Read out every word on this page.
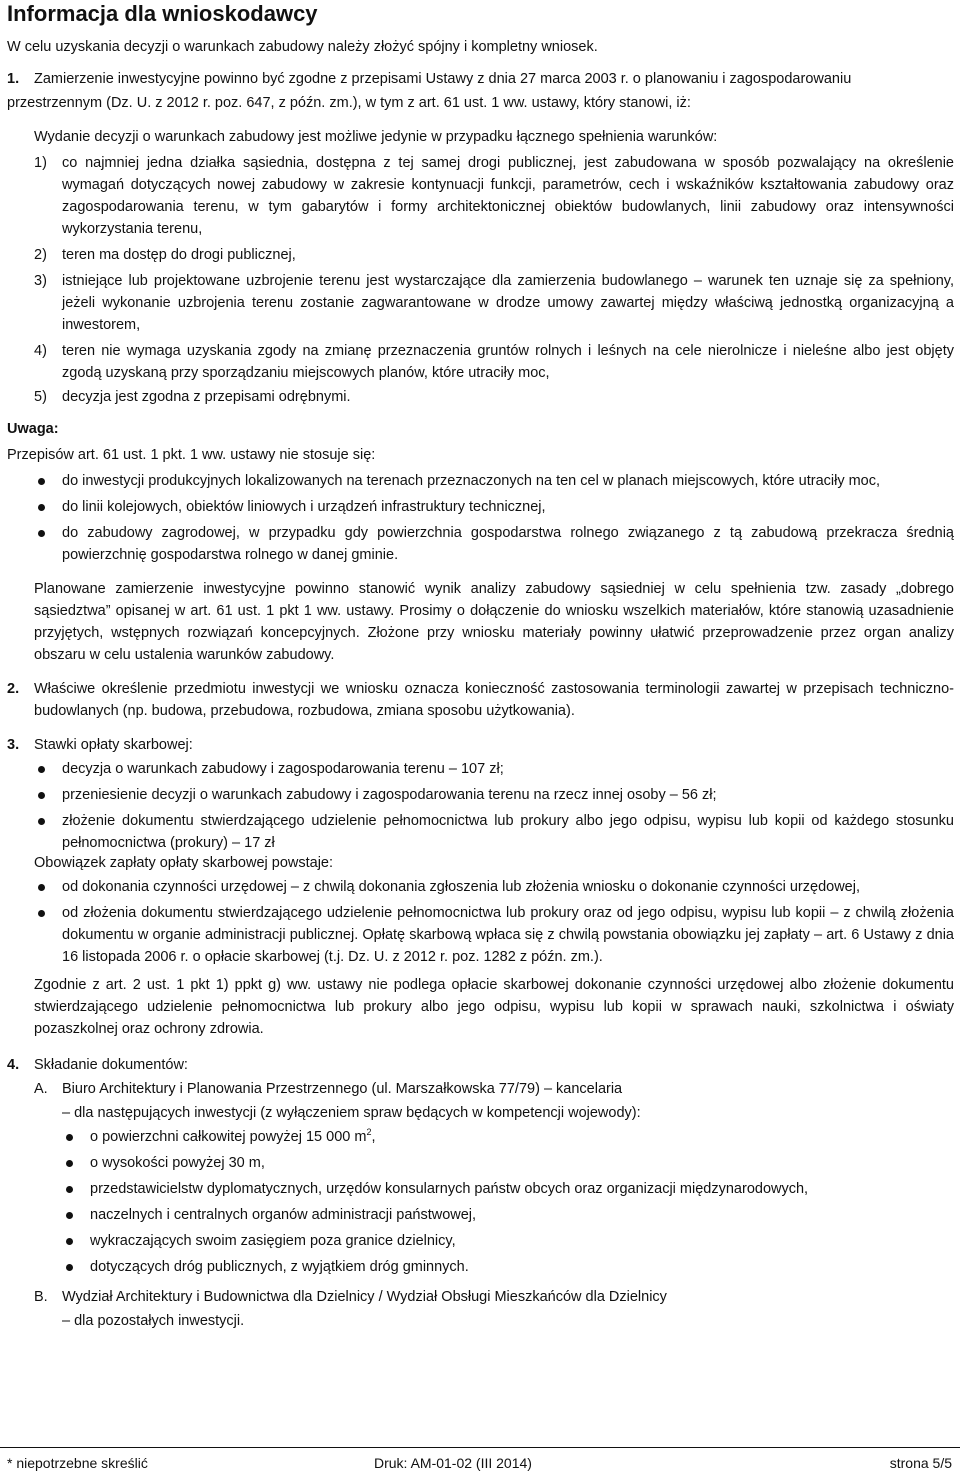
Informacja dla wnioskodawcy
W celu uzyskania decyzji o warunkach zabudowy należy złożyć spójny i kompletny wniosek.
1. Zamierzenie inwestycyjne powinno być zgodne z przepisami Ustawy z dnia 27 marca 2003 r. o planowaniu i zagospodarowaniu
przestrzennym (Dz. U. z 2012 r. poz. 647, z późn. zm.), w tym z art. 61 ust. 1 ww. ustawy, który stanowi, iż:
Wydanie decyzji o warunkach zabudowy jest możliwe jedynie w przypadku łącznego spełnienia warunków:
1) co najmniej jedna działka sąsiednia, dostępna z tej samej drogi publicznej, jest zabudowana w sposób pozwalający na określenie wymagań dotyczących nowej zabudowy w zakresie kontynuacji funkcji, parametrów, cech i wskaźników kształtowania zabudowy oraz zagospodarowania terenu, w tym gabarytów i formy architektonicznej obiektów budowlanych, linii zabudowy oraz intensywności wykorzystania terenu,
2) teren ma dostęp do drogi publicznej,
3) istniejące lub projektowane uzbrojenie terenu jest wystarczające dla zamierzenia budowlanego – warunek ten uznaje się za spełniony, jeżeli wykonanie uzbrojenia terenu zostanie zagwarantowane w drodze umowy zawartej między właściwą jednostką organizacyjną a inwestorem,
4) teren nie wymaga uzyskania zgody na zmianę przeznaczenia gruntów rolnych i leśnych na cele nierolnicze i nieleśne albo jest objęty zgodą uzyskaną przy sporządzaniu miejscowych planów, które utraciły moc,
5) decyzja jest zgodna z przepisami odrębnymi.
Uwaga:
Przepisów art. 61 ust. 1 pkt. 1 ww. ustawy nie stosuje się:
do inwestycji produkcyjnych lokalizowanych na terenach przeznaczonych na ten cel w planach miejscowych, które utraciły moc,
do linii kolejowych, obiektów liniowych i urządzeń infrastruktury technicznej,
do zabudowy zagrodowej, w przypadku gdy powierzchnia gospodarstwa rolnego związanego z tą zabudową przekracza średnią powierzchnię gospodarstwa rolnego w danej gminie.
Planowane zamierzenie inwestycyjne powinno stanowić wynik analizy zabudowy sąsiedniej w celu spełnienia tzw. zasady „dobrego sąsiedztwa” opisanej w art. 61 ust. 1 pkt 1 ww. ustawy. Prosimy o dołączenie do wniosku wszelkich materiałów, które stanowią uzasadnienie przyjętych, wstępnych rozwiązań koncepcyjnych. Złożone przy wniosku materiały powinny ułatwić przeprowadzenie przez organ analizy obszaru w celu ustalenia warunków zabudowy.
2. Właściwe określenie przedmiotu inwestycji we wniosku oznacza konieczność zastosowania terminologii zawartej w przepisach techniczno-budowlanych (np. budowa, przebudowa, rozbudowa, zmiana sposobu użytkowania).
3. Stawki opłaty skarbowej:
decyzja o warunkach zabudowy i zagospodarowania terenu – 107 zł;
przeniesienie decyzji o warunkach zabudowy i zagospodarowania terenu na rzecz innej osoby – 56 zł;
złożenie dokumentu stwierdzającego udzielenie pełnomocnictwa lub prokury albo jego odpisu, wypisu lub kopii od każdego stosunku pełnomocnictwa (prokury) – 17 zł
Obowiązek zapłaty opłaty skarbowej powstaje:
od dokonania czynności urzędowej – z chwilą dokonania zgłoszenia lub złożenia wniosku o dokonanie czynności urzędowej,
od złożenia dokumentu stwierdzającego udzielenie pełnomocnictwa lub prokury oraz od jego odpisu, wypisu lub kopii – z chwilą złożenia dokumentu w organie administracji publicznej. Opłatę skarbową wpłaca się z chwilą powstania obowiązku jej zapłaty – art. 6 Ustawy z dnia 16 listopada 2006 r. o opłacie skarbowej (t.j. Dz. U. z 2012 r. poz. 1282 z późn. zm.).
Zgodnie z art. 2 ust. 1 pkt 1) ppkt g) ww. ustawy nie podlega opłacie skarbowej dokonanie czynności urzędowej albo złożenie dokumentu stwierdzającego udzielenie pełnomocnictwa lub prokury albo jego odpisu, wypisu lub kopii w sprawach nauki, szkolnictwa i oświaty pozaszkolnej oraz ochrony zdrowia.
4. Składanie dokumentów:
A. Biuro Architektury i Planowania Przestrzennego (ul. Marszałkowska 77/79) – kancelaria
– dla następujących inwestycji (z wyłączeniem spraw będących w kompetencji wojewody):
o powierzchni całkowitej powyżej 15 000 $m^2$,
o wysokości powyżej 30 m,
przedstawicielstw dyplomatycznych, urzędów konsularnych państw obcych oraz organizacji międzynarodowych,
naczelnych i centralnych organów administracji państwowej,
wykraczających swoim zasięgiem poza granice dzielnicy,
dotyczących dróg publicznych, z wyjątkiem dróg gminnych.
B. Wydział Architektury i Budownictwa dla Dzielnicy / Wydział Obsługi Mieszkańców dla Dzielnicy
– dla pozostałych inwestycji.
* niepotrzebne skreślić	Druk: AM-01-02 (III 2014)	strona 5/5
